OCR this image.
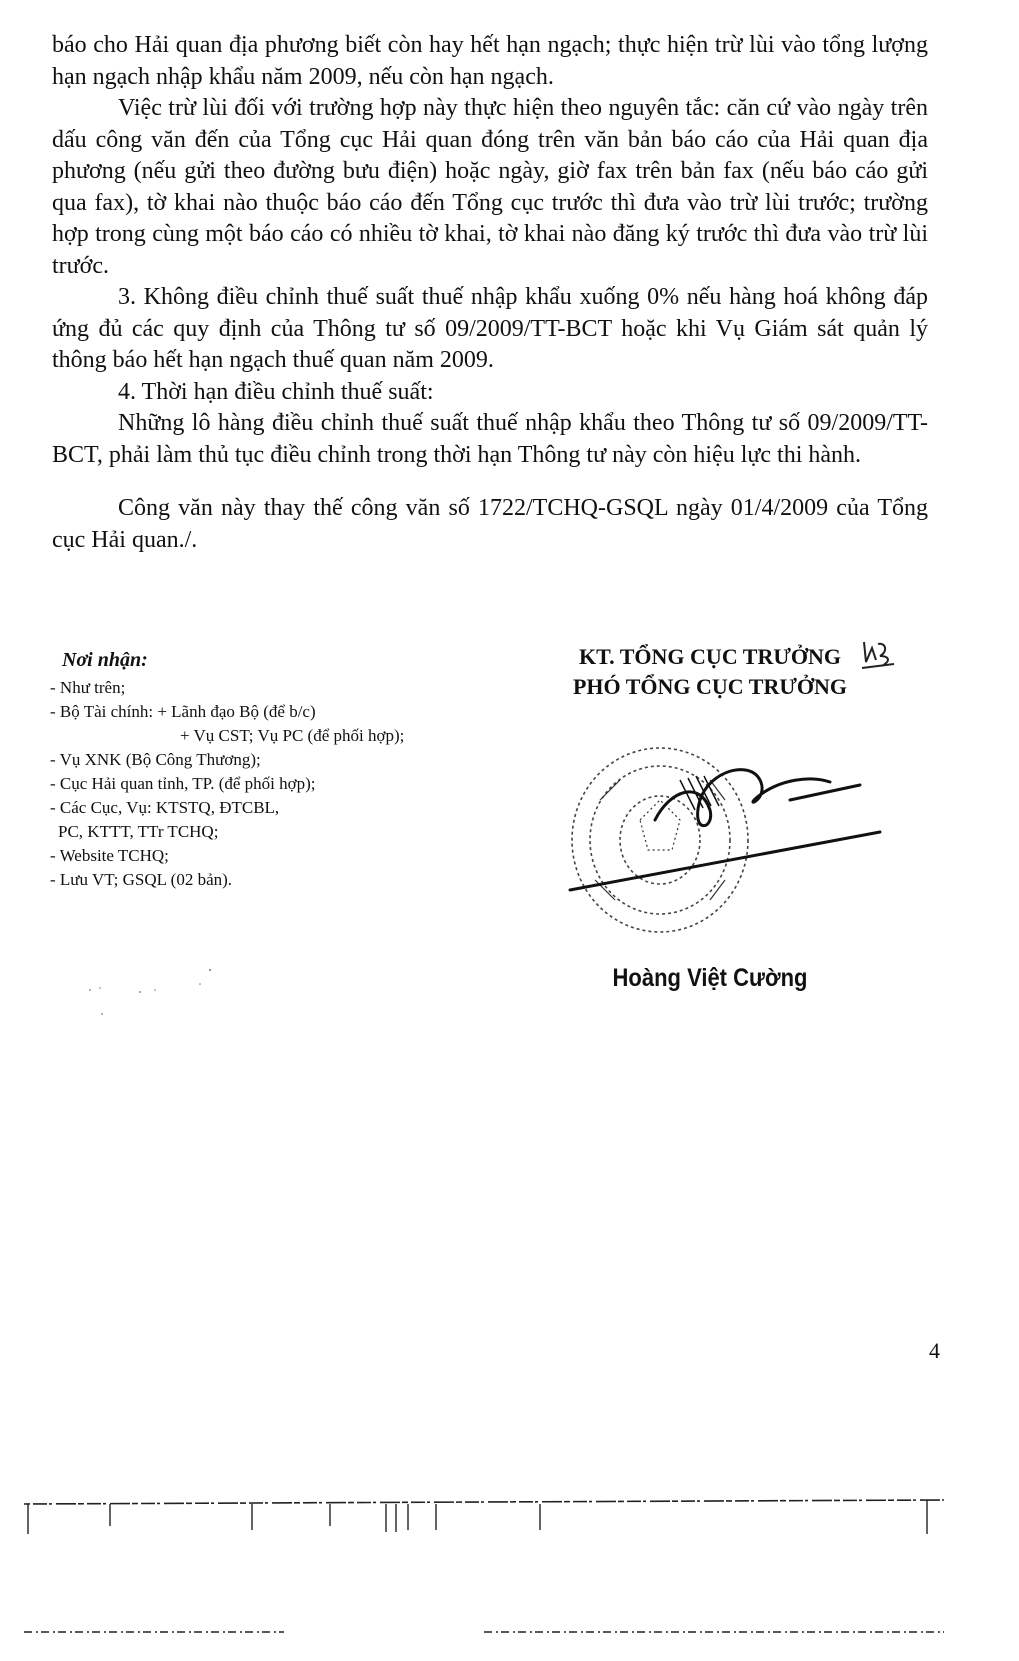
báo cho Hải quan địa phương biết còn hay hết hạn ngạch; thực hiện trừ lùi vào tổng lượng hạn ngạch nhập khẩu năm 2009, nếu còn hạn ngạch.

Việc trừ lùi đối với trường hợp này thực hiện theo nguyên tắc: căn cứ vào ngày trên dấu công văn đến của Tổng cục Hải quan đóng trên văn bản báo cáo của Hải quan địa phương (nếu gửi theo đường bưu điện) hoặc ngày, giờ fax trên bản fax (nếu báo cáo gửi qua fax), tờ khai nào thuộc báo cáo đến Tổng cục trước thì đưa vào trừ lùi trước; trường hợp trong cùng một báo cáo có nhiều tờ khai, tờ khai nào đăng ký trước thì đưa vào trừ lùi trước.

3. Không điều chỉnh thuế suất thuế nhập khẩu xuống 0% nếu hàng hoá không đáp ứng đủ các quy định của Thông tư số 09/2009/TT-BCT hoặc khi Vụ Giám sát quản lý thông báo hết hạn ngạch thuế quan năm 2009.

4. Thời hạn điều chỉnh thuế suất:

Những lô hàng điều chỉnh thuế suất thuế nhập khẩu theo Thông tư số 09/2009/TT-BCT, phải làm thủ tục điều chỉnh trong thời hạn Thông tư này còn hiệu lực thi hành.

Công văn này thay thế công văn số 1722/TCHQ-GSQL ngày 01/4/2009 của Tổng cục Hải quan./.

Nơi nhận:

- Như trên;

- Bộ Tài chính: + Lãnh đạo Bộ (để b/c)

+ Vụ CST; Vụ PC (để phối hợp);

- Vụ XNK (Bộ Công Thương);

- Cục Hải quan tỉnh, TP. (để phối hợp);

- Các Cục, Vụ: KTSTQ, ĐTCBL,

PC, KTTT, TTr TCHQ;

- Website TCHQ;

- Lưu VT; GSQL (02 bản).

KT. TỔNG CỤC TRƯỞNG

PHÓ TỔNG CỤC TRƯỞNG

Hoàng Việt Cường
4
